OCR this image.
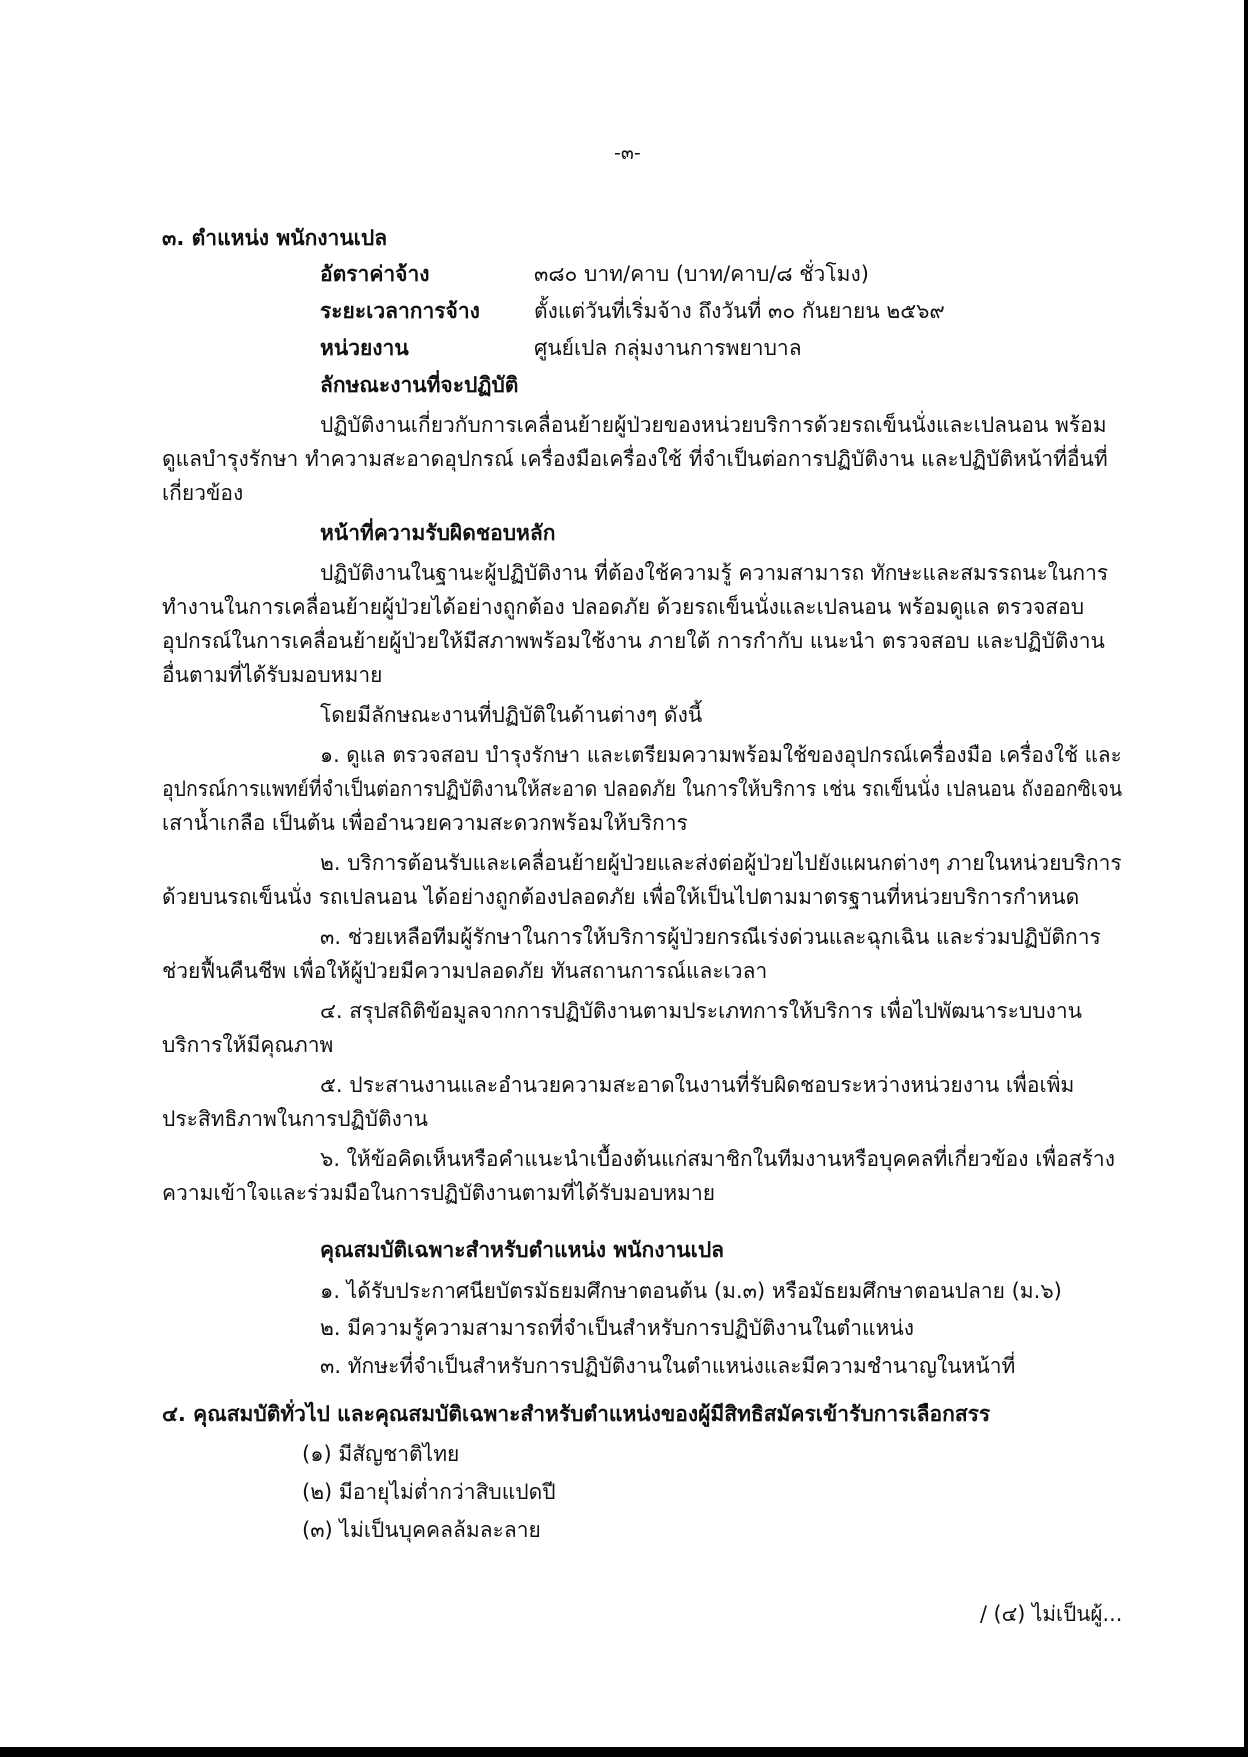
-๓-
๓. ตำแหน่ง พนักงานเปล
อัตราค่าจ้าง	๓๘๐ บาท/คาบ (บาท/คาบ/๘ ชั่วโมง)
ระยะเวลาการจ้าง	ตั้งแต่วันที่เริ่มจ้าง ถึงวันที่ ๓๐ กันยายน ๒๕๖๙
หน่วยงาน	ศูนย์เปล กลุ่มงานการพยาบาล
ลักษณะงานที่จะปฏิบัติ
ปฏิบัติงานเกี่ยวกับการเคลื่อนย้ายผู้ป่วยของหน่วยบริการด้วยรถเข็นนั่งและเปลนอน พร้อม
ดูแลบำรุงรักษา ทำความสะอาดอุปกรณ์ เครื่องมือเครื่องใช้ ที่จำเป็นต่อการปฏิบัติงาน และปฏิบัติหน้าที่อื่นที่
เกี่ยวข้อง
หน้าที่ความรับผิดชอบหลัก
ปฏิบัติงานในฐานะผู้ปฏิบัติงาน ที่ต้องใช้ความรู้ ความสามารถ ทักษะและสมรรถนะในการ
ทำงานในการเคลื่อนย้ายผู้ป่วยได้อย่างถูกต้อง ปลอดภัย ด้วยรถเข็นนั่งและเปลนอน พร้อมดูแล ตรวจสอบ
อุปกรณ์ในการเคลื่อนย้ายผู้ป่วยให้มีสภาพพร้อมใช้งาน ภายใต้ การกำกับ แนะนำ ตรวจสอบ และปฏิบัติงาน
อื่นตามที่ได้รับมอบหมาย
โดยมีลักษณะงานที่ปฏิบัติในด้านต่างๆ ดังนี้
๑. ดูแล ตรวจสอบ บำรุงรักษา และเตรียมความพร้อมใช้ของอุปกรณ์เครื่องมือ เครื่องใช้ และ
อุปกรณ์การแพทย์ที่จำเป็นต่อการปฏิบัติงานให้สะอาด ปลอดภัย ในการให้บริการ เช่น รถเข็นนั่ง เปลนอน ถังออกซิเจน
เสาน้ำเกลือ เป็นต้น เพื่ออำนวยความสะดวกพร้อมให้บริการ
๒. บริการต้อนรับและเคลื่อนย้ายผู้ป่วยและส่งต่อผู้ป่วยไปยังแผนกต่างๆ ภายในหน่วยบริการ
ด้วยบนรถเข็นนั่ง รถเปลนอน ได้อย่างถูกต้องปลอดภัย เพื่อให้เป็นไปตามมาตรฐานที่หน่วยบริการกำหนด
๓. ช่วยเหลือทีมผู้รักษาในการให้บริการผู้ป่วยกรณีเร่งด่วนและฉุกเฉิน และร่วมปฏิบัติการ
ช่วยฟื้นคืนชีพ เพื่อให้ผู้ป่วยมีความปลอดภัย ทันสถานการณ์และเวลา
๔. สรุปสถิติข้อมูลจากการปฏิบัติงานตามประเภทการให้บริการ เพื่อไปพัฒนาระบบงาน
บริการให้มีคุณภาพ
๕. ประสานงานและอำนวยความสะอาดในงานที่รับผิดชอบระหว่างหน่วยงาน เพื่อเพิ่ม
ประสิทธิภาพในการปฏิบัติงาน
๖. ให้ข้อคิดเห็นหรือคำแนะนำเบื้องต้นแก่สมาชิกในทีมงานหรือบุคคลที่เกี่ยวข้อง เพื่อสร้าง
ความเข้าใจและร่วมมือในการปฏิบัติงานตามที่ได้รับมอบหมาย
คุณสมบัติเฉพาะสำหรับตำแหน่ง พนักงานเปล
๑. ได้รับประกาศนียบัตรมัธยมศึกษาตอนต้น (ม.๓) หรือมัธยมศึกษาตอนปลาย (ม.๖)
๒. มีความรู้ความสามารถที่จำเป็นสำหรับการปฏิบัติงานในตำแหน่ง
๓. ทักษะที่จำเป็นสำหรับการปฏิบัติงานในตำแหน่งและมีความชำนาญในหน้าที่
๔. คุณสมบัติทั่วไป และคุณสมบัติเฉพาะสำหรับตำแหน่งของผู้มีสิทธิสมัครเข้ารับการเลือกสรร
(๑) มีสัญชาติไทย
(๒) มีอายุไม่ต่ำกว่าสิบแปดปี
(๓) ไม่เป็นบุคคลล้มละลาย
/ (๔) ไม่เป็นผู้...
